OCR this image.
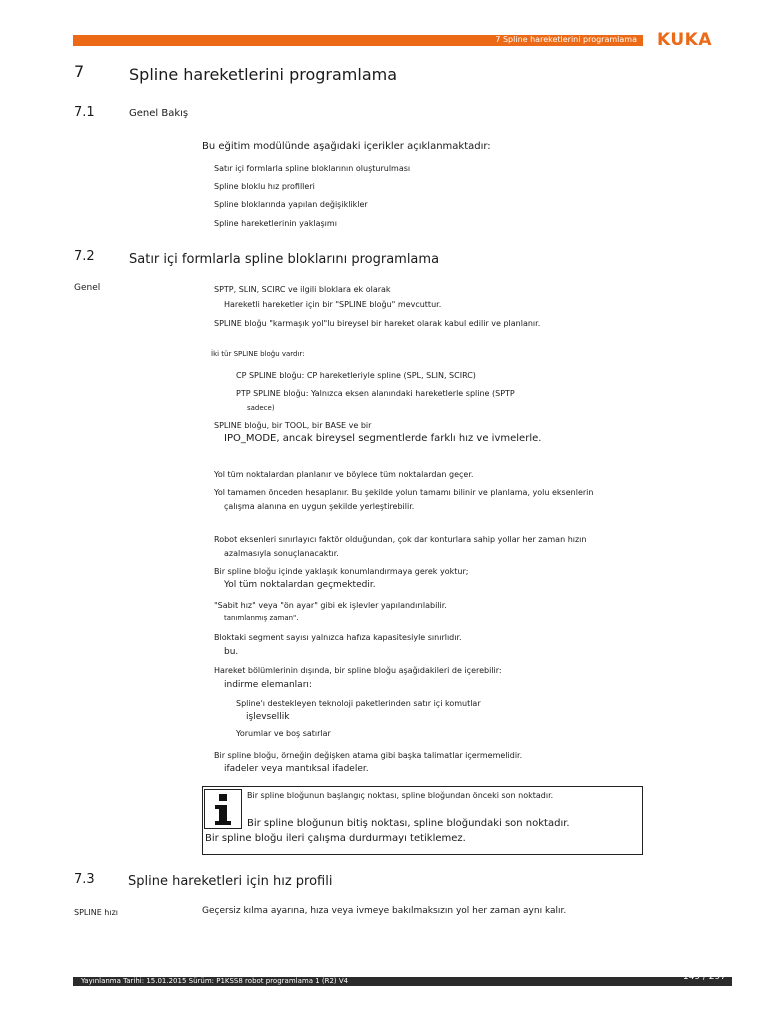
7 Spline hareketlerini programlama KUKA
7	Spline hareketlerini programlama
7.1	Genel Bakış
Bu eğitim modülünde aşağıdaki içerikler açıklanmaktadır:
Satır içi formlarla spline bloklarının oluşturulması
Spline bloklu hız profilleri
Spline bloklarında yapılan değişiklikler
Spline hareketlerinin yaklaşımı
7.2	Satır içi formlarla spline bloklarını programlama
Genel	SPTP, SLIN, SCIRC ve ilgili bloklara ek olarak
Hareketli hareketler için bir "SPLINE bloğu" mevcuttur.
SPLINE bloğu "karmaşık yol"lu bireysel bir hareket olarak kabul edilir ve planlanır.
İki tür SPLINE bloğu vardır:
CP SPLINE bloğu: CP hareketleriyle spline (SPL, SLIN, SCIRC)
PTP SPLINE bloğu: Yalnızca eksen alanındaki hareketlerle spline (SPTP
sadece)
SPLINE bloğu, bir TOOL, bir BASE ve bir
IPO_MODE, ancak bireysel segmentlerde farklı hız ve ivmelerle.
Yol tüm noktalardan planlanır ve böylece tüm noktalardan geçer.
Yol tamamen önceden hesaplanır. Bu şekilde yolun tamamı bilinir ve planlama, yolu eksenlerin
çalışma alanına en uygun şekilde yerleştirebilir.
Robot eksenleri sınırlayıcı faktör olduğundan, çok dar konturlara sahip yollar her zaman hızın
azalmasıyla sonuçlanacaktır.
Bir spline bloğu içinde yaklaşık konumlandırmaya gerek yoktur;
Yol tüm noktalardan geçmektedir.
"Sabit hız" veya "ön ayar" gibi ek işlevler yapılandırılabilir.
tanımlanmış zaman".
Bloktaki segment sayısı yalnızca hafıza kapasitesiyle sınırlıdır.
bu.
Hareket bölümlerinin dışında, bir spline bloğu aşağıdakileri de içerebilir:
indirme elemanları:
Spline'ı destekleyen teknoloji paketlerinden satır içi komutlar
işlevsellik
Yorumlar ve boş satırlar
Bir spline bloğu, örneğin değişken atama gibi başka talimatlar içermemelidir.
ifadeler veya mantıksal ifadeler.
Bir spline bloğunun başlangıç noktası, spline bloğundan önceki son noktadır.
Bir spline bloğunun bitiş noktası, spline bloğundaki son noktadır.
Bir spline bloğu ileri çalışma durdurmayı tetiklemez.
7.3	Spline hareketleri için hız profili
SPLINE hızı	Geçersiz kılma ayarına, hıza veya ivmeye bakılmaksızın yol her zaman aynı kalır.
Yayınlanma Tarihi: 15.01.2015 Sürüm: P1KSS8 robot programlama 1 (R2) V4	149 / 297
